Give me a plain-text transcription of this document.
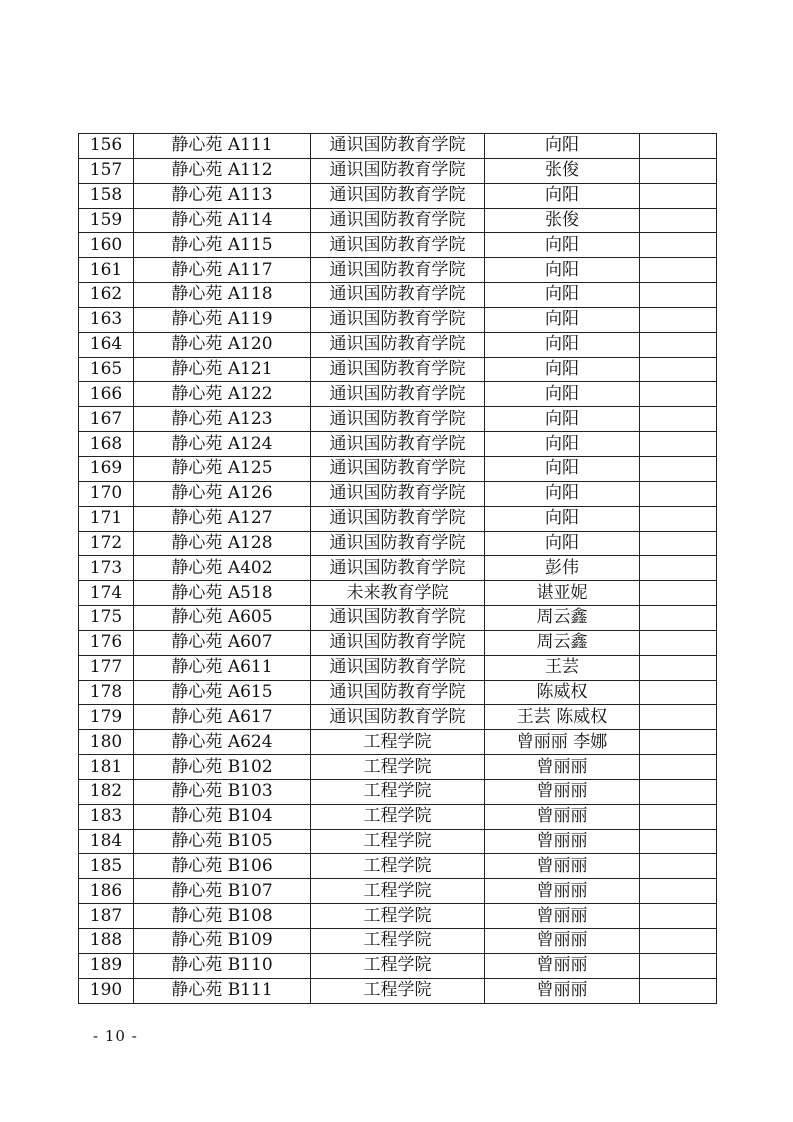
156	静心苑 A111	通识国防教育学院	向阳	
157	静心苑 A112	通识国防教育学院	张俊	
158	静心苑 A113	通识国防教育学院	向阳	
159	静心苑 A114	通识国防教育学院	张俊	
160	静心苑 A115	通识国防教育学院	向阳	
161	静心苑 A117	通识国防教育学院	向阳	
162	静心苑 A118	通识国防教育学院	向阳	
163	静心苑 A119	通识国防教育学院	向阳	
164	静心苑 A120	通识国防教育学院	向阳	
165	静心苑 A121	通识国防教育学院	向阳	
166	静心苑 A122	通识国防教育学院	向阳	
167	静心苑 A123	通识国防教育学院	向阳	
168	静心苑 A124	通识国防教育学院	向阳	
169	静心苑 A125	通识国防教育学院	向阳	
170	静心苑 A126	通识国防教育学院	向阳	
171	静心苑 A127	通识国防教育学院	向阳	
172	静心苑 A128	通识国防教育学院	向阳	
173	静心苑 A402	通识国防教育学院	彭伟	
174	静心苑 A518	未来教育学院	谌亚妮	
175	静心苑 A605	通识国防教育学院	周云鑫	
176	静心苑 A607	通识国防教育学院	周云鑫	
177	静心苑 A611	通识国防教育学院	王芸	
178	静心苑 A615	通识国防教育学院	陈威权	
179	静心苑 A617	通识国防教育学院	王芸 陈威权	
180	静心苑 A624	工程学院	曾丽丽 李娜	
181	静心苑 B102	工程学院	曾丽丽	
182	静心苑 B103	工程学院	曾丽丽	
183	静心苑 B104	工程学院	曾丽丽	
184	静心苑 B105	工程学院	曾丽丽	
185	静心苑 B106	工程学院	曾丽丽	
186	静心苑 B107	工程学院	曾丽丽	
187	静心苑 B108	工程学院	曾丽丽	
188	静心苑 B109	工程学院	曾丽丽	
189	静心苑 B110	工程学院	曾丽丽	
190	静心苑 B111	工程学院	曾丽丽	
- 10 -
